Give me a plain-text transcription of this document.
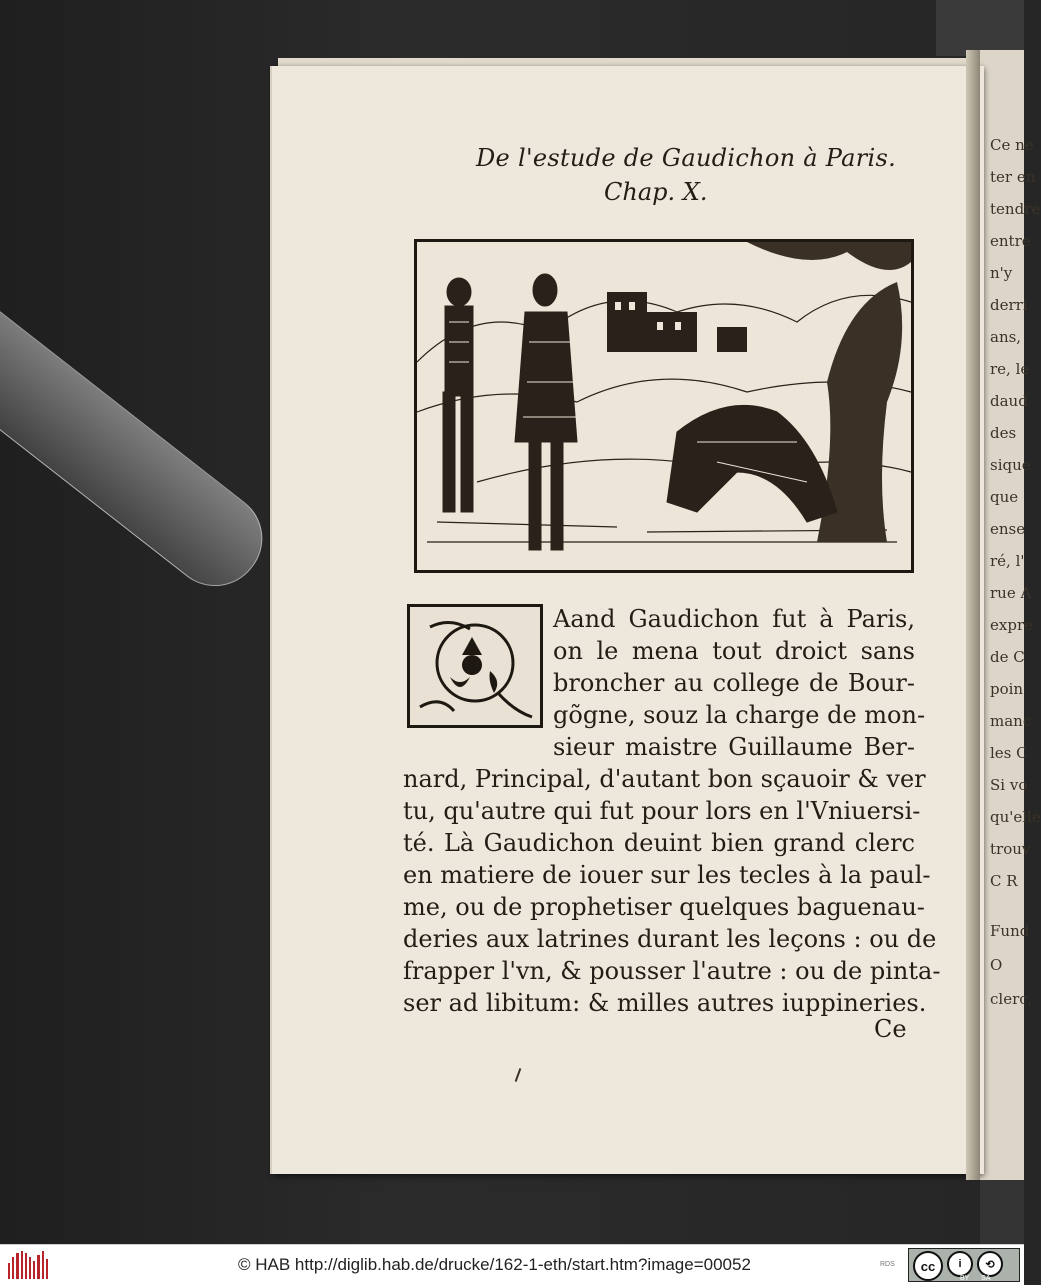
Ce ne
ter en
tendre
entre
n'y
derri
ans,
re, le
daud
des
sique
que
ense
ré, l'
rue A
expre
de C
poin
manc
les C
Si vo
qu'elle
trouv
C R
Fund
O
clerc,
De l'estude de Gaudichon à Paris.
Chap. X.
Aand Gaudichon fut à Paris,
on le mena tout droict sans
broncher au college de Bour-
gõgne, souz la charge de mon-
sieur maistre Guillaume Ber-
nard, Principal, d'autant bon sçauoir & ver
tu, qu'autre qui fut pour lors en l'Vniuersi-
té. Là Gaudichon deuint bien grand clerc
en matiere de iouer sur les tecles à la paul-
me, ou de prophetiser quelques baguenau-
deries aux latrines durant les leçons : ou de
frapper l'vn, & pousser l'autre : ou de pinta-
ser ad libitum: & milles autres iuppineries.
Ce
© HAB http://diglib.hab.de/drucke/162-1-eth/start.htm?image=00052	RDS	cc	i	⟲
BY SA
